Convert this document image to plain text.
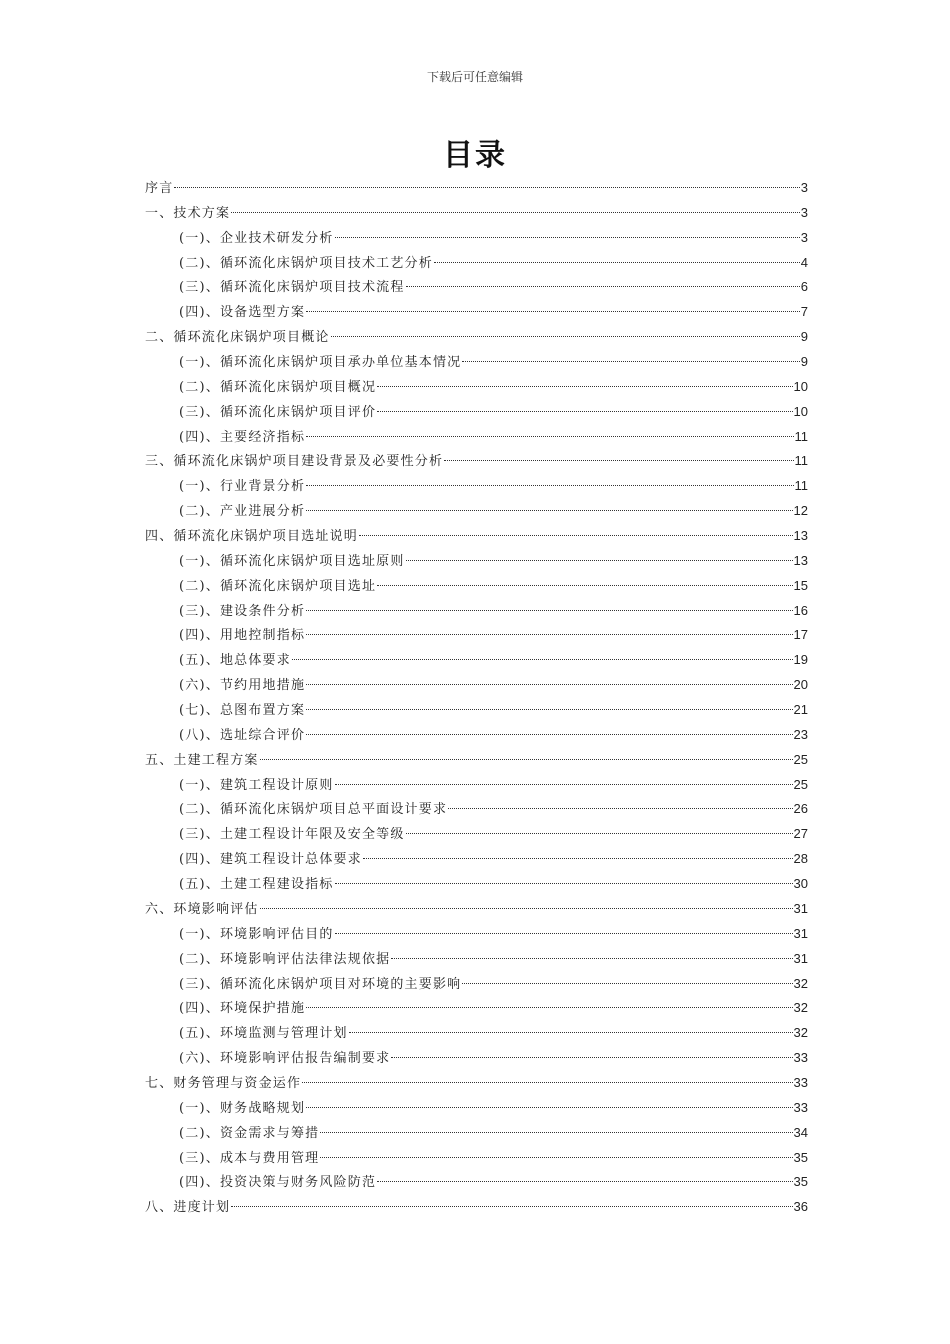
下载后可任意编辑
目录
序言	3
一、技术方案	3
(一)、企业技术研发分析	3
(二)、循环流化床锅炉项目技术工艺分析	4
(三)、循环流化床锅炉项目技术流程	6
(四)、设备选型方案	7
二、循环流化床锅炉项目概论	9
(一)、循环流化床锅炉项目承办单位基本情况	9
(二)、循环流化床锅炉项目概况	10
(三)、循环流化床锅炉项目评价	10
(四)、主要经济指标	11
三、循环流化床锅炉项目建设背景及必要性分析	11
(一)、行业背景分析	11
(二)、产业进展分析	12
四、循环流化床锅炉项目选址说明	13
(一)、循环流化床锅炉项目选址原则	13
(二)、循环流化床锅炉项目选址	15
(三)、建设条件分析	16
(四)、用地控制指标	17
(五)、地总体要求	19
(六)、节约用地措施	20
(七)、总图布置方案	21
(八)、选址综合评价	23
五、土建工程方案	25
(一)、建筑工程设计原则	25
(二)、循环流化床锅炉项目总平面设计要求	26
(三)、土建工程设计年限及安全等级	27
(四)、建筑工程设计总体要求	28
(五)、土建工程建设指标	30
六、环境影响评估	31
(一)、环境影响评估目的	31
(二)、环境影响评估法律法规依据	31
(三)、循环流化床锅炉项目对环境的主要影响	32
(四)、环境保护措施	32
(五)、环境监测与管理计划	32
(六)、环境影响评估报告编制要求	33
七、财务管理与资金运作	33
(一)、财务战略规划	33
(二)、资金需求与筹措	34
(三)、成本与费用管理	35
(四)、投资决策与财务风险防范	35
八、进度计划	36
